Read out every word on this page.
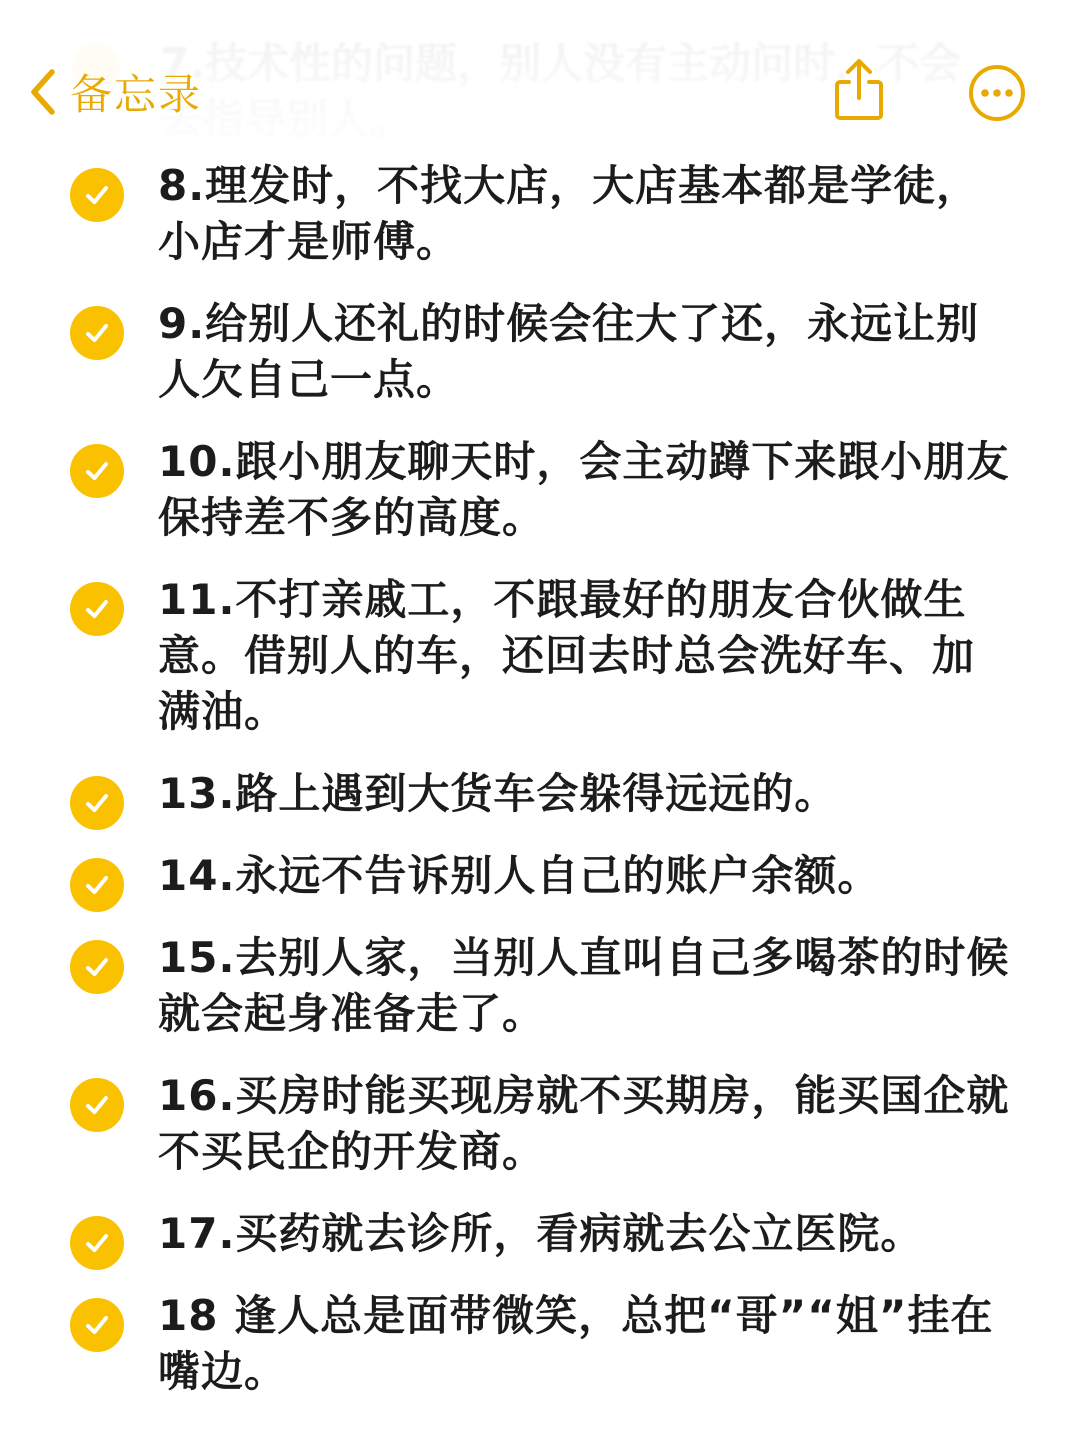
备忘录
8.理发时，不找大店，大店基本都是学徒，小店才是师傅。
9.给别人还礼的时候会往大了还，永远让别人欠自己一点。
10.跟小朋友聊天时，会主动蹲下来跟小朋友保持差不多的高度。
11.不打亲戚工，不跟最好的朋友合伙做生意。借别人的车，还回去时总会洗好车、加满油。
13.路上遇到大货车会躲得远远的。
14.永远不告诉别人自己的账户余额。
15.去别人家，当别人直叫自己多喝茶的时候就会起身准备走了。
16.买房时能买现房就不买期房，能买国企就不买民企的开发商。
17.买药就去诊所，看病就去公立医院。
18 逢人总是面带微笑，总把“哥”“姐”挂在嘴边。
